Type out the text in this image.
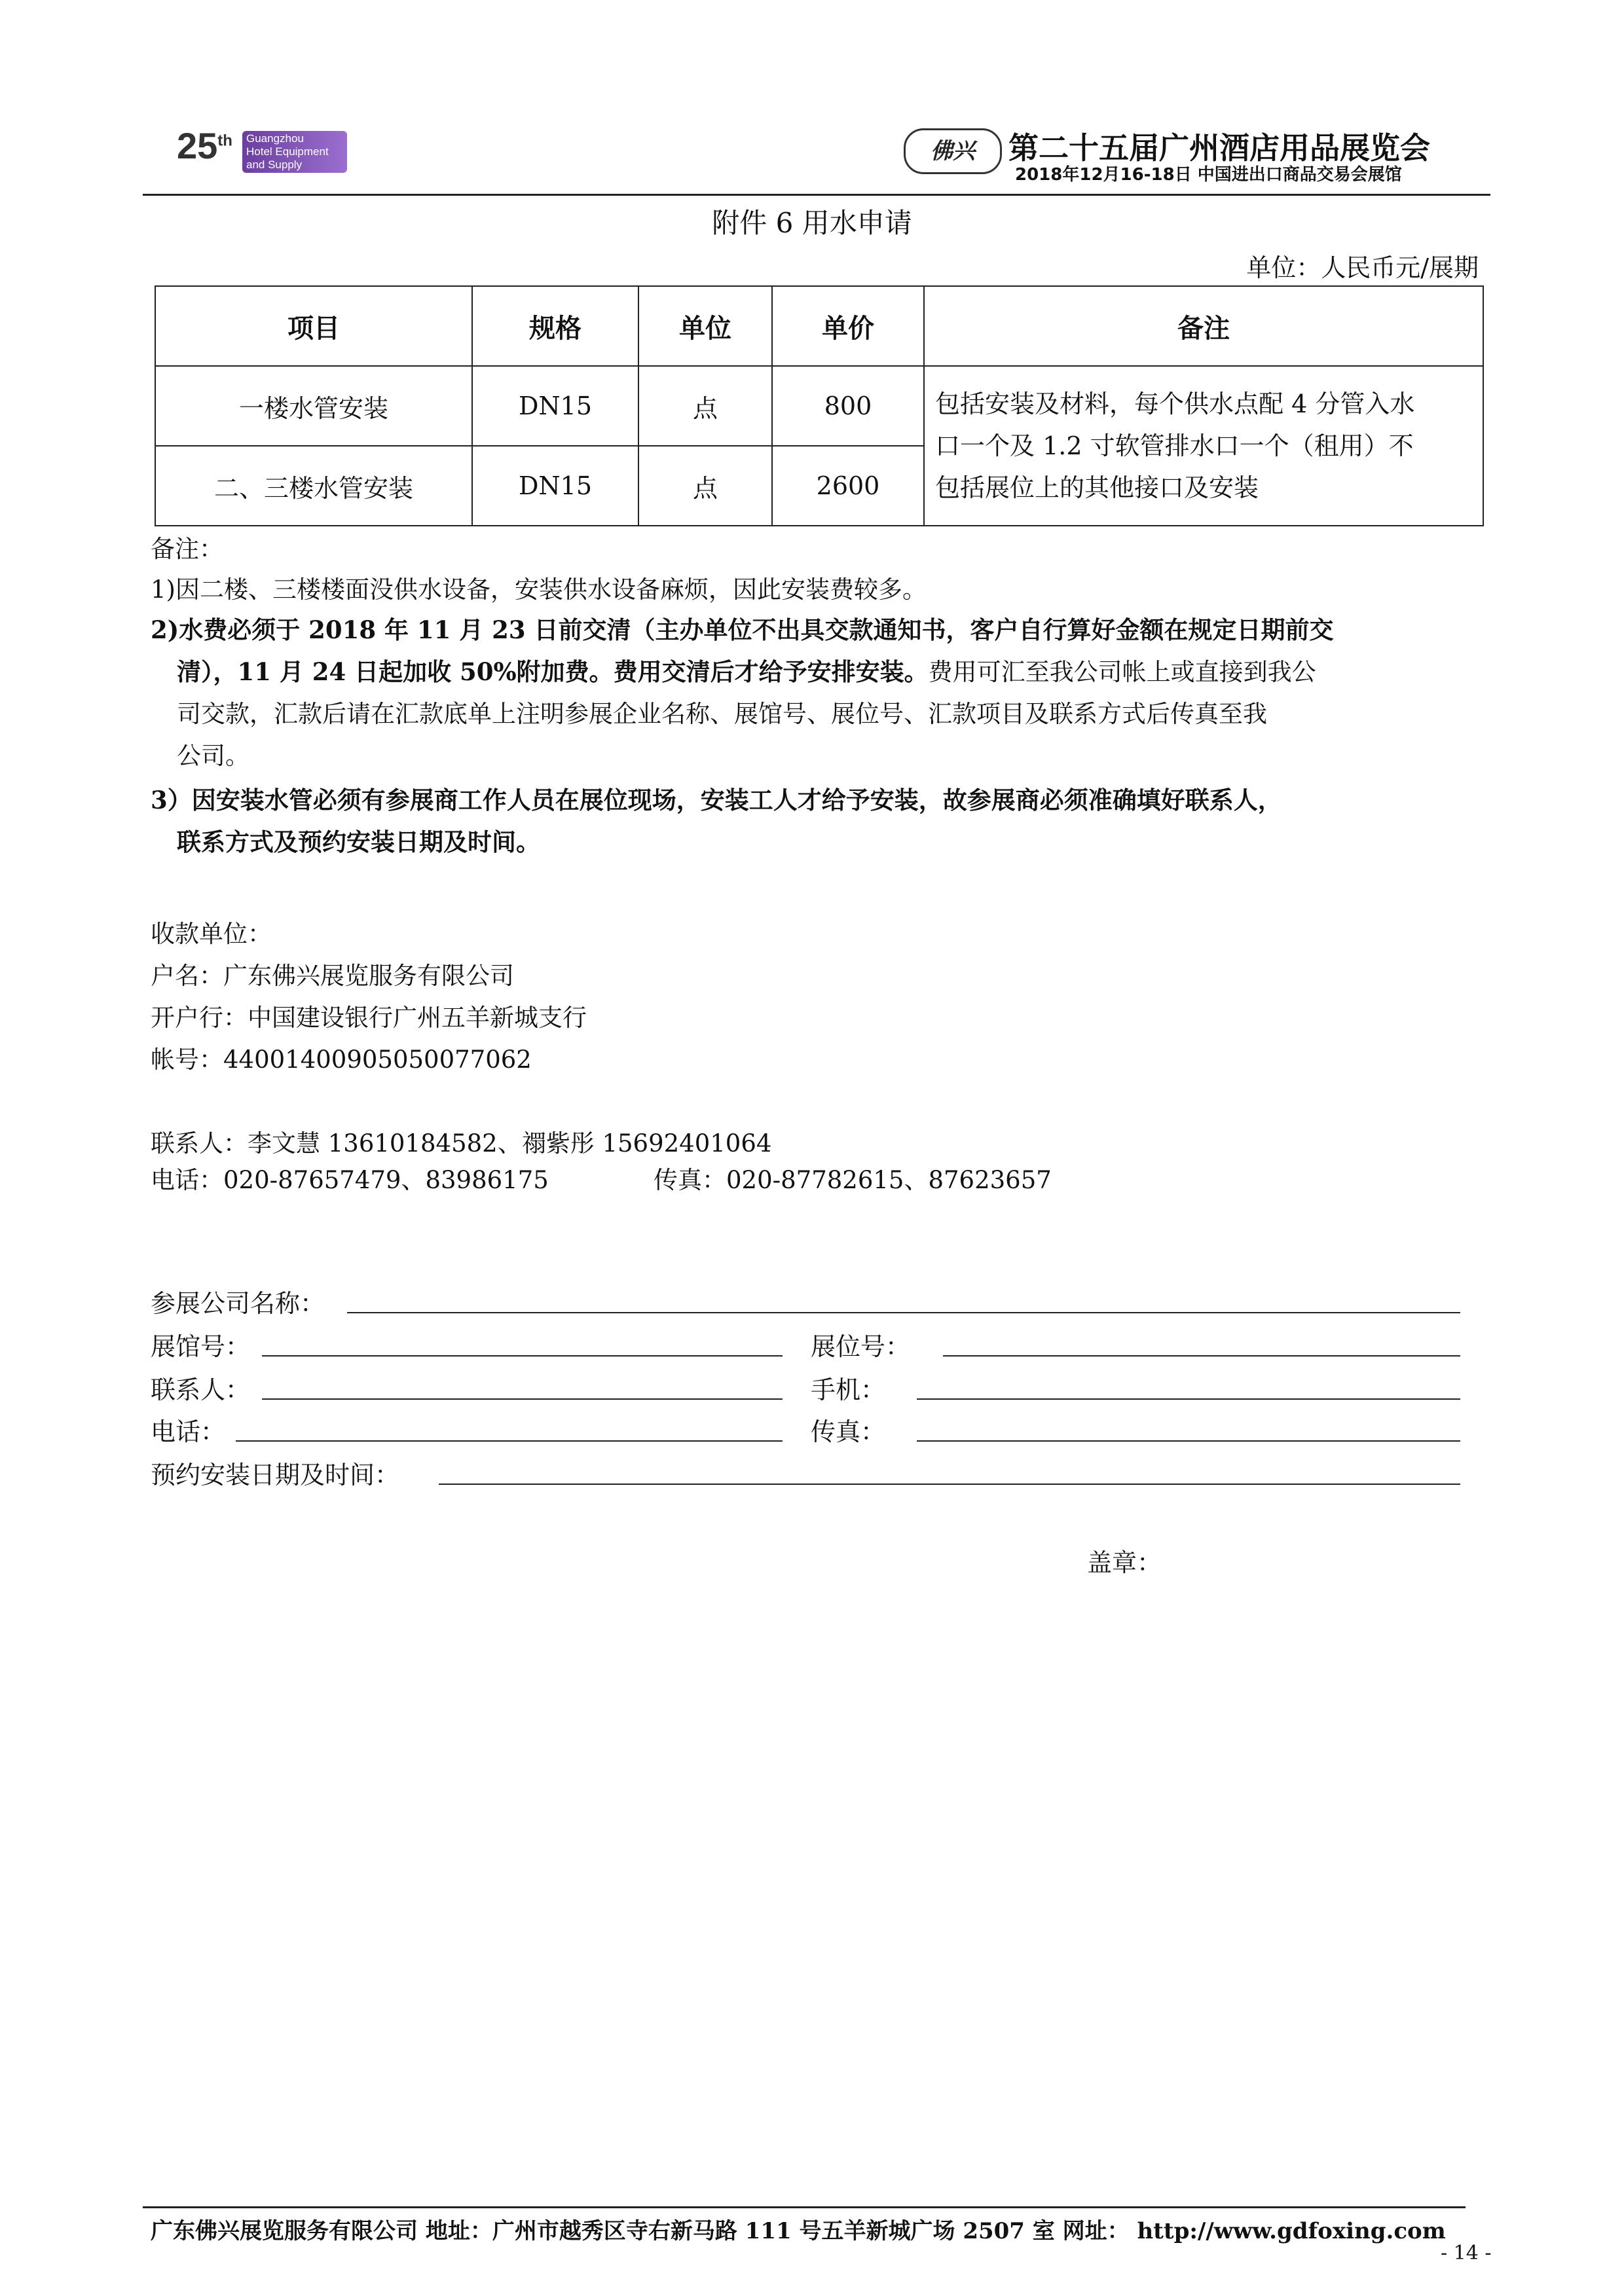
25th Guangzhou
Hotel Equipment
and Supply Exhibition
佛兴	第二十五届广州酒店用品展览会
2018年12月16-18日 中国进出口商品交易会展馆
附件 6 用水申请
单位：人民币元/展期
项目	规格	单位	单价	备注
一楼水管安装	DN15	点	800	包括安装及材料，每个供水点配 4 分管入水
口一个及 1.2 寸软管排水口一个（租用）不
包括展位上的其他接口及安装

二、三楼水管安装	DN15	点	2600	
备注：
1)因二楼、三楼楼面没供水设备，安装供水设备麻烦，因此安装费较多。
2)水费必须于 2018 年 11 月 23 日前交清（主办单位不出具交款通知书，客户自行算好金额在规定日期前交
清），11 月 24 日起加收 50%附加费。费用交清后才给予安排安装。费用可汇至我公司帐上或直接到我公
司交款，汇款后请在汇款底单上注明参展企业名称、展馆号、展位号、汇款项目及联系方式后传真至我
公司。
3）因安装水管必须有参展商工作人员在展位现场，安装工人才给予安装，故参展商必须准确填好联系人，
联系方式及预约安装日期及时间。
收款单位：
户名：广东佛兴展览服务有限公司
开户行：中国建设银行广州五羊新城支行
帐号：44001400905050077062
联系人：李文慧 13610184582、禤紫彤 15692401064
电话：020-87657479、83986175	传真：020-87782615、87623657
参展公司名称：
展馆号：	展位号：
联系人：	手机：
电话：	传真：
预约安装日期及时间：
盖章：
广东佛兴展览服务有限公司 地址：广州市越秀区寺右新马路 111 号五羊新城广场 2507 室 网址： http://www.gdfoxing.com
- 14 -
